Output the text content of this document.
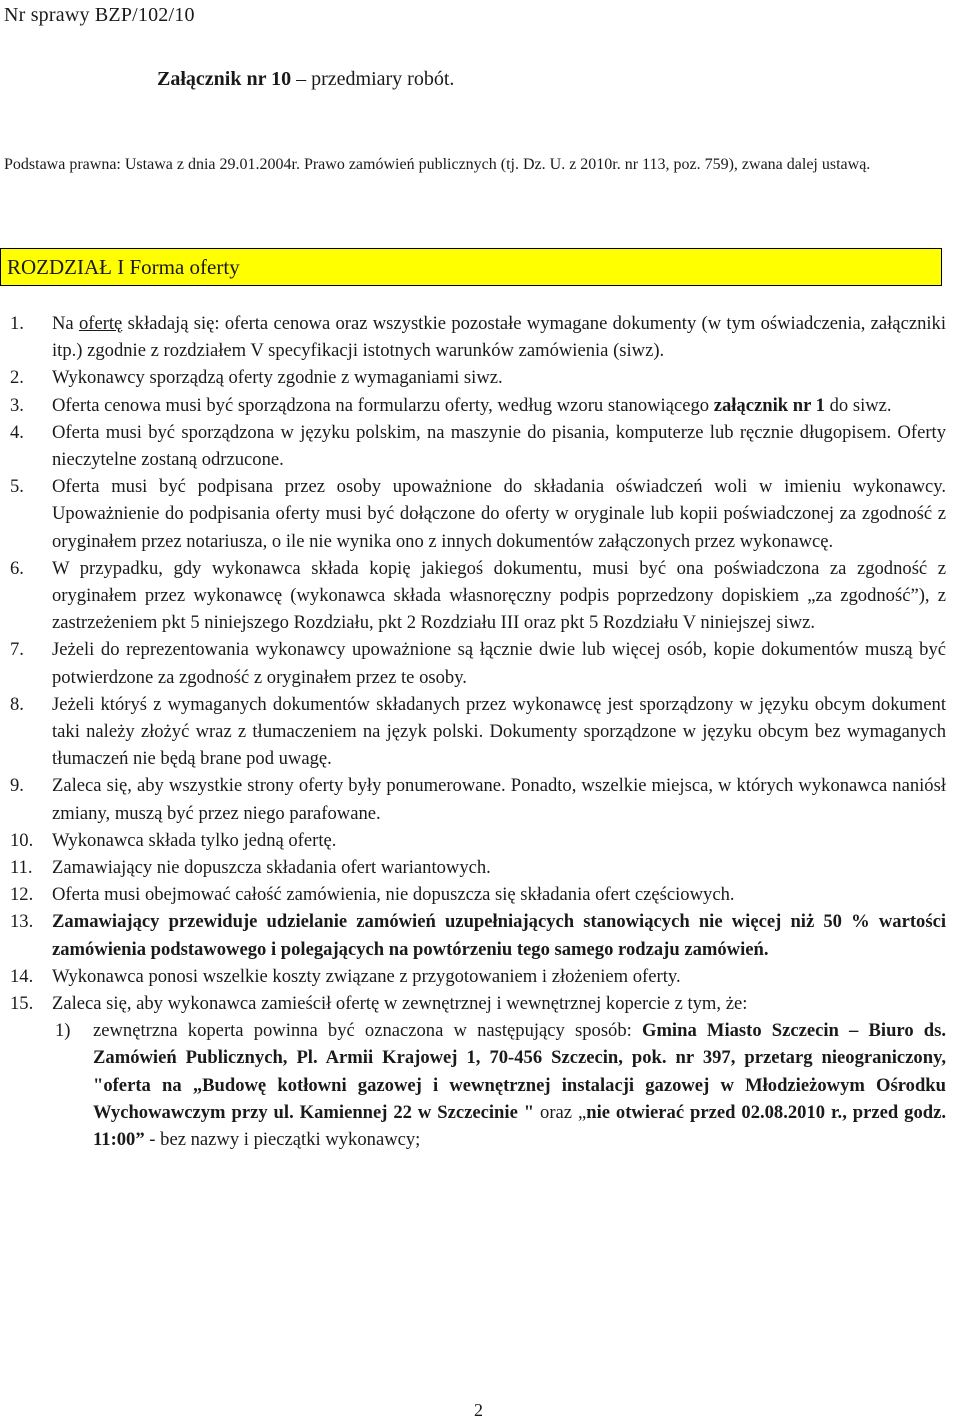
Nr sprawy BZP/102/10
Załącznik nr 10 – przedmiary robót.
Podstawa prawna: Ustawa z dnia 29.01.2004r. Prawo zamówień publicznych (tj. Dz. U. z 2010r. nr 113, poz. 759), zwana dalej ustawą.
ROZDZIAŁ I Forma oferty
1. Na ofertę składają się: oferta cenowa oraz wszystkie pozostałe wymagane dokumenty (w tym oświadczenia, załączniki itp.) zgodnie z rozdziałem V specyfikacji istotnych warunków zamówienia (siwz).
2. Wykonawcy sporządzą oferty zgodnie z wymaganiami siwz.
3. Oferta cenowa musi być sporządzona na formularzu oferty, według wzoru stanowiącego załącznik nr 1 do siwz.
4. Oferta musi być sporządzona w języku polskim, na maszynie do pisania, komputerze lub ręcznie długopisem. Oferty nieczytelne zostaną odrzucone.
5. Oferta musi być podpisana przez osoby upoważnione do składania oświadczeń woli w imieniu wykonawcy. Upoważnienie do podpisania oferty musi być dołączone do oferty w oryginale lub kopii poświadczonej za zgodność z oryginałem przez notariusza, o ile nie wynika ono z innych dokumentów załączonych przez wykonawcę.
6. W przypadku, gdy wykonawca składa kopię jakiegoś dokumentu, musi być ona poświadczona za zgodność z oryginałem przez wykonawcę (wykonawca składa własnoręczny podpis poprzedzony dopiskiem „za zgodność”), z zastrzeżeniem pkt 5 niniejszego Rozdziału, pkt 2 Rozdziału III oraz pkt 5 Rozdziału V niniejszej siwz.
7. Jeżeli do reprezentowania wykonawcy upoważnione są łącznie dwie lub więcej osób, kopie dokumentów muszą być potwierdzone za zgodność z oryginałem przez te osoby.
8. Jeżeli któryś z wymaganych dokumentów składanych przez wykonawcę jest sporządzony w języku obcym dokument taki należy złożyć wraz z tłumaczeniem na język polski. Dokumenty sporządzone w języku obcym bez wymaganych tłumaczeń nie będą brane pod uwagę.
9. Zaleca się, aby wszystkie strony oferty były ponumerowane. Ponadto, wszelkie miejsca, w których wykonawca naniósł zmiany, muszą być przez niego parafowane.
10. Wykonawca składa tylko jedną ofertę.
11. Zamawiający nie dopuszcza składania ofert wariantowych.
12. Oferta musi obejmować całość zamówienia, nie dopuszcza się składania ofert częściowych.
13. Zamawiający przewiduje udzielanie zamówień uzupełniających stanowiących nie więcej niż 50 % wartości zamówienia podstawowego i polegających na powtórzeniu tego samego rodzaju zamówień.
14. Wykonawca ponosi wszelkie koszty związane z przygotowaniem i złożeniem oferty.
15. Zaleca się, aby wykonawca zamieścił ofertę w zewnętrznej i wewnętrznej kopercie z tym, że:
1) zewnętrzna koperta powinna być oznaczona w następujący sposób: Gmina Miasto Szczecin – Biuro ds. Zamówień Publicznych, Pl. Armii Krajowej 1, 70-456 Szczecin, pok. nr 397, przetarg nieograniczony, "oferta na „Budowę kotłowni gazowej i wewnętrznej instalacji gazowej w Młodzieżowym Ośrodku Wychowawczym przy ul. Kamiennej 22 w Szczecinie " oraz „nie otwierać przed 02.08.2010 r., przed godz. 11:00” - bez nazwy i pieczątki wykonawcy;
2
